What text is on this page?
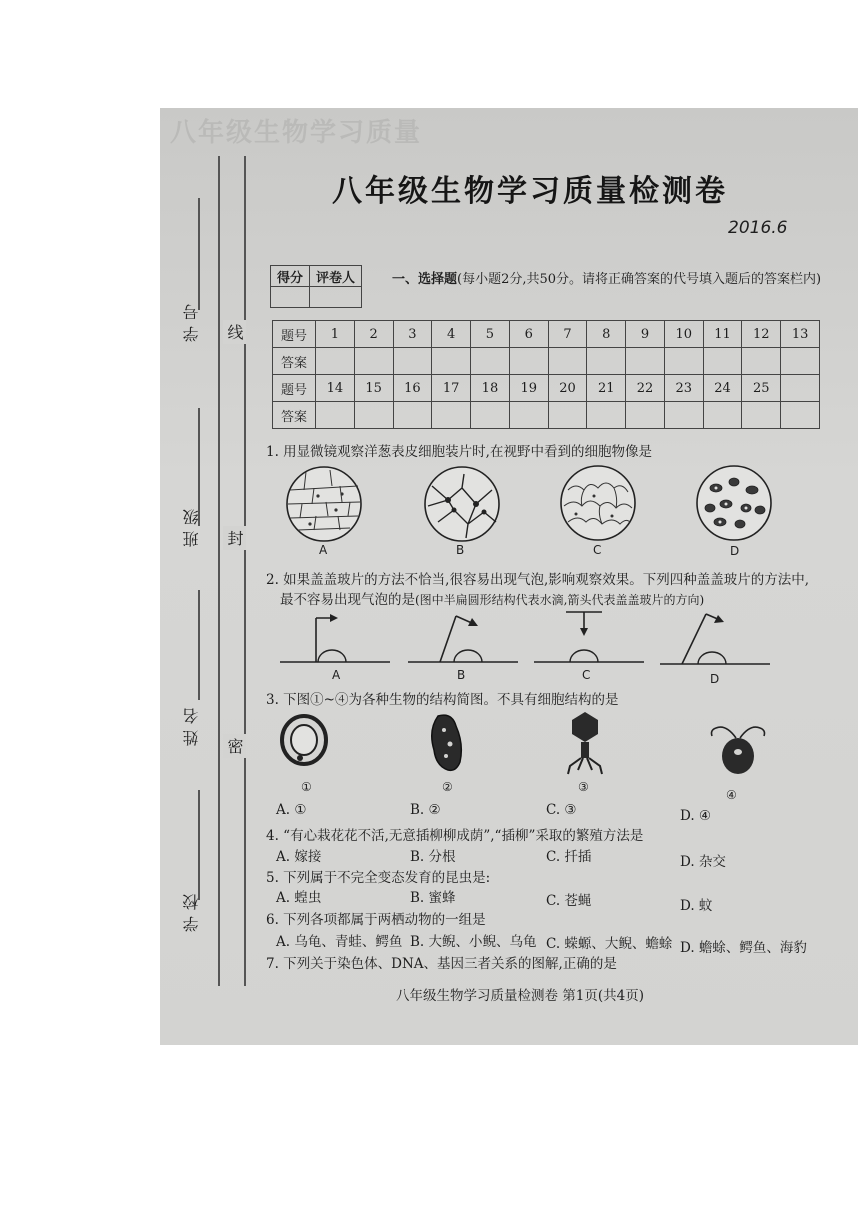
八年级生物学习质量
学号
班级
姓名
学校
线
封
密
八年级生物学习质量检测卷
2016.6
得分	评卷人
		一、选择题(每小题2分,共50分。请将正确答案的代号填入题后的答案栏内)
题号	1	2	3	4	5	6	7	8	9	10	11	12	13
答案													
题号	14	15	16	17	18	19	20	21	22	23	24	25	
答案													
1. 用显微镜观察洋葱表皮细胞装片时,在视野中看到的细胞物像是
A	B	C	D
2. 如果盖盖玻片的方法不恰当,很容易出现气泡,影响观察效果。下列四种盖盖玻片的方法中,
最不容易出现气泡的是(图中半扁圆形结构代表水滴,箭头代表盖盖玻片的方向)
A	B	C	D
3. 下图①~④为各种生物的结构简图。不具有细胞结构的是
①	②	③
④
A. ①	B. ②	C. ③	D. ④
4. “有心栽花花不活,无意插柳柳成荫”,“插柳”采取的繁殖方法是
A. 嫁接	B. 分根	C. 扦插	D. 杂交
5. 下列属于不完全变态发育的昆虫是:
A. 蝗虫	B. 蜜蜂	C. 苍蝇	D. 蚊
6. 下列各项都属于两栖动物的一组是
A. 乌龟、青蛙、鳄鱼 B. 大鲵、小鲵、乌龟 C. 蝾螈、大鲵、蟾蜍 D. 蟾蜍、鳄鱼、海豹
7. 下列关于染色体、DNA、基因三者关系的图解,正确的是
八年级生物学习质量检测卷 第1页(共4页)
